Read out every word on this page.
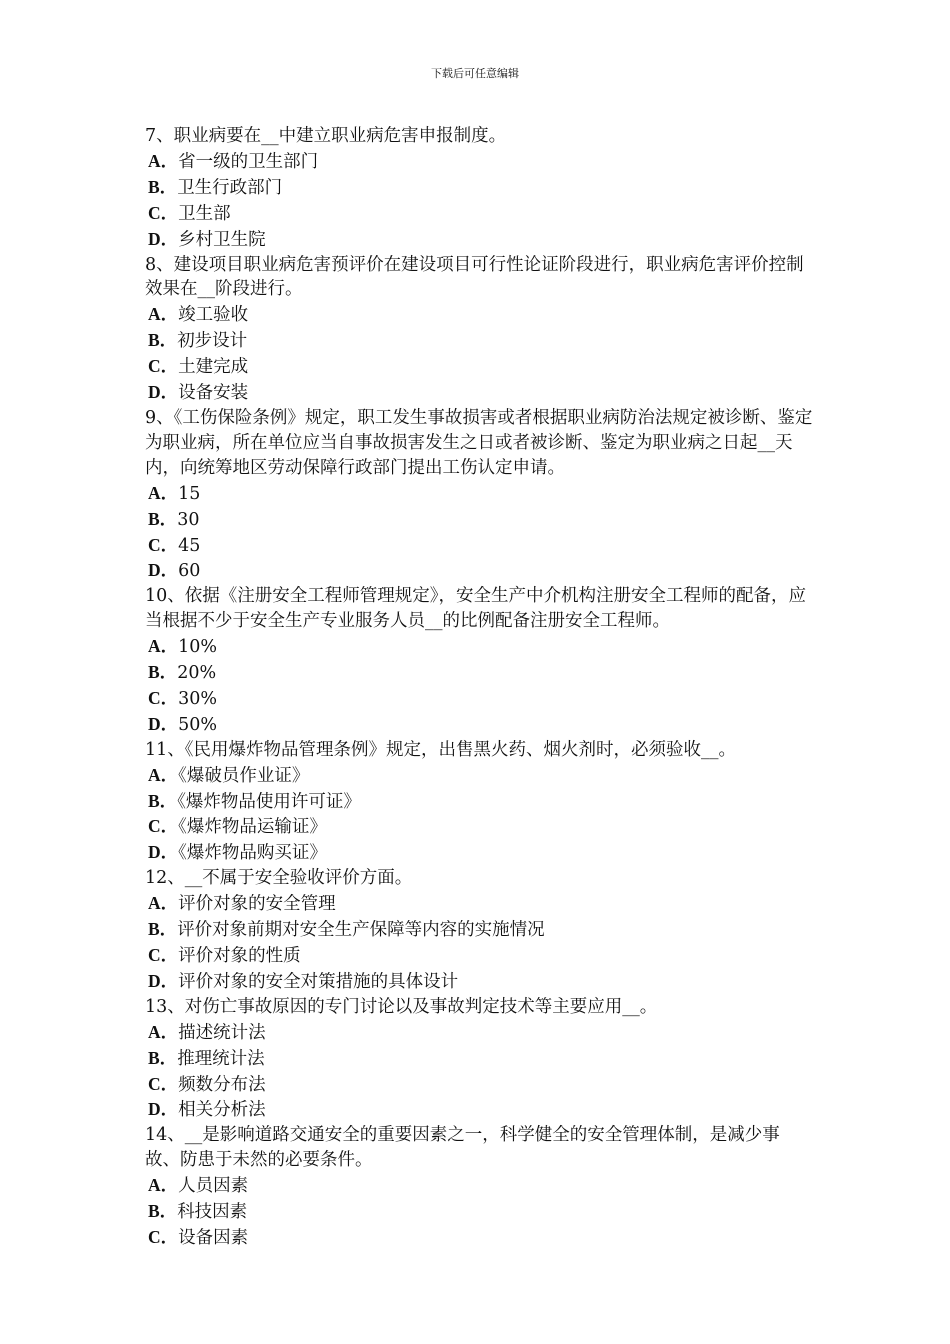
下载后可任意编辑

7、职业病要在__中建立职业病危害申报制度。

A．省一级的卫生部门
B．卫生行政部门
C．卫生部
D．乡村卫生院

8、建设项目职业病危害预评价在建设项目可行性论证阶段进行，职业病危害评价控制效果在__阶段进行。

A．竣工验收
B．初步设计
C．土建完成
D．设备安装

9、《工伤保险条例》规定，职工发生事故损害或者根据职业病防治法规定被诊断、鉴定为职业病，所在单位应当自事故损害发生之日或者被诊断、鉴定为职业病之日起__天内，向统筹地区劳动保障行政部门提出工伤认定申请。

A．15
B．30
C．45
D．60

10、依据《注册安全工程师管理规定》，安全生产中介机构注册安全工程师的配备，应当根据不少于安全生产专业服务人员__的比例配备注册安全工程师。

A．10%
B．20%
C．30%
D．50%

11、《民用爆炸物品管理条例》规定，出售黑火药、烟火剂时，必须验收__。

A．《爆破员作业证》
B．《爆炸物品使用许可证》
C．《爆炸物品运输证》
D．《爆炸物品购买证》

12、__不属于安全验收评价方面。

A．评价对象的安全管理
B．评价对象前期对安全生产保障等内容的实施情况
C．评价对象的性质
D．评价对象的安全对策措施的具体设计

13、对伤亡事故原因的专门讨论以及事故判定技术等主要应用__。

A．描述统计法
B．推理统计法
C．频数分布法
D．相关分析法

14、__是影响道路交通安全的重要因素之一，科学健全的安全管理体制，是减少事故、防患于未然的必要条件。

A．人员因素
B．科技因素
C．设备因素
